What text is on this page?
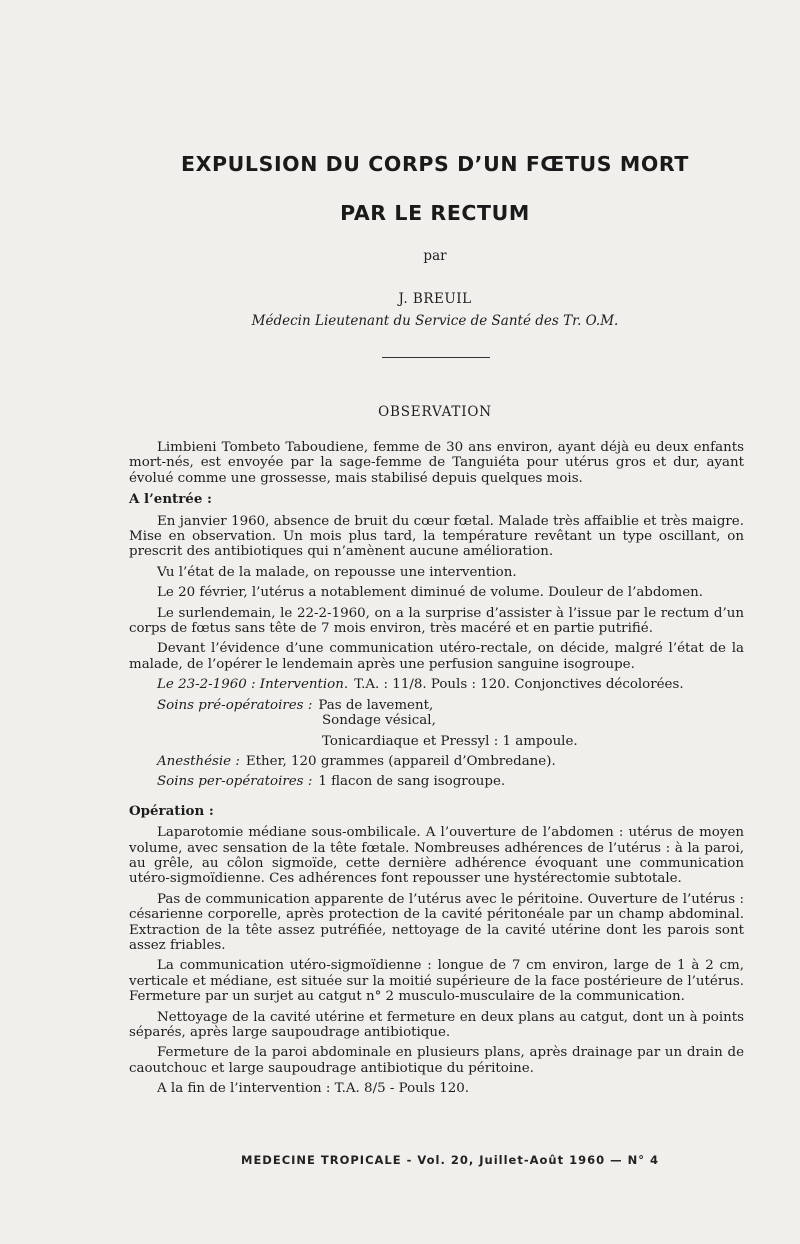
EXPULSION DU CORPS D’UN FŒTUS MORT
PAR LE RECTUM
par
J. BREUIL
Médecin Lieutenant du Service de Santé des Tr. O.M.
OBSERVATION

Limbieni Tombeto Taboudiene, femme de 30 ans environ, ayant déjà eu deux enfants mort-nés, est envoyée par la sage-femme de Tanguiéta pour utérus gros et dur, ayant évolué comme une grossesse, mais stabilisé depuis quelques mois.

A l’entrée :

En janvier 1960, absence de bruit du cœur fœtal. Malade très affaiblie et très maigre. Mise en observation. Un mois plus tard, la température revêtant un type oscillant, on prescrit des antibiotiques qui n’amènent aucune amélioration.

Vu l’état de la malade, on repousse une intervention.

Le 20 février, l’utérus a notablement diminué de volume. Douleur de l’abdomen.

Le surlendemain, le 22-2-1960, on a la surprise d’assister à l’issue par le rectum d’un corps de fœtus sans tête de 7 mois environ, très macéré et en partie putrifié.

Devant l’évidence d’une communication utéro-rectale, on décide, malgré l’état de la malade, de l’opérer le lendemain après une perfusion sanguine isogroupe.

Le 23-2-1960 : Intervention. T.A. : 11/8. Pouls : 120. Conjonctives décolorées.
Soins pré-opératoires : Pas de lavement,

Sondage vésical,

Tonicardiaque et Pressyl : 1 ampoule.

Anesthésie : Ether, 120 grammes (appareil d’Ombredane).
Soins per-opératoires : 1 flacon de sang isogroupe.

Opération :

Laparotomie médiane sous-ombilicale. A l’ouverture de l’abdomen : utérus de moyen volume, avec sensation de la tête fœtale. Nombreuses adhérences de l’utérus : à la paroi, au grêle, au côlon sigmoïde, cette dernière adhérence évoquant une communication utéro-sigmoïdienne. Ces adhérences font repousser une hystérectomie subtotale.

Pas de communication apparente de l’utérus avec le péritoine. Ouverture de l’utérus : césarienne corporelle, après protection de la cavité péritonéale par un champ abdominal. Extraction de la tête assez putréfiée, nettoyage de la cavité utérine dont les parois sont assez friables.

La communication utéro-sigmoïdienne : longue de 7 cm environ, large de 1 à 2 cm, verticale et médiane, est située sur la moitié supérieure de la face postérieure de l’utérus. Fermeture par un surjet au catgut n° 2 musculo-musculaire de la communication.

Nettoyage de la cavité utérine et fermeture en deux plans au catgut, dont un à points séparés, après large saupoudrage antibiotique.

Fermeture de la paroi abdominale en plusieurs plans, après drainage par un drain de caoutchouc et large saupoudrage antibiotique du péritoine.

A la fin de l’intervention : T.A. 8/5 - Pouls 120.

MEDECINE TROPICALE - Vol. 20, Juillet-Août 1960 — N° 4
